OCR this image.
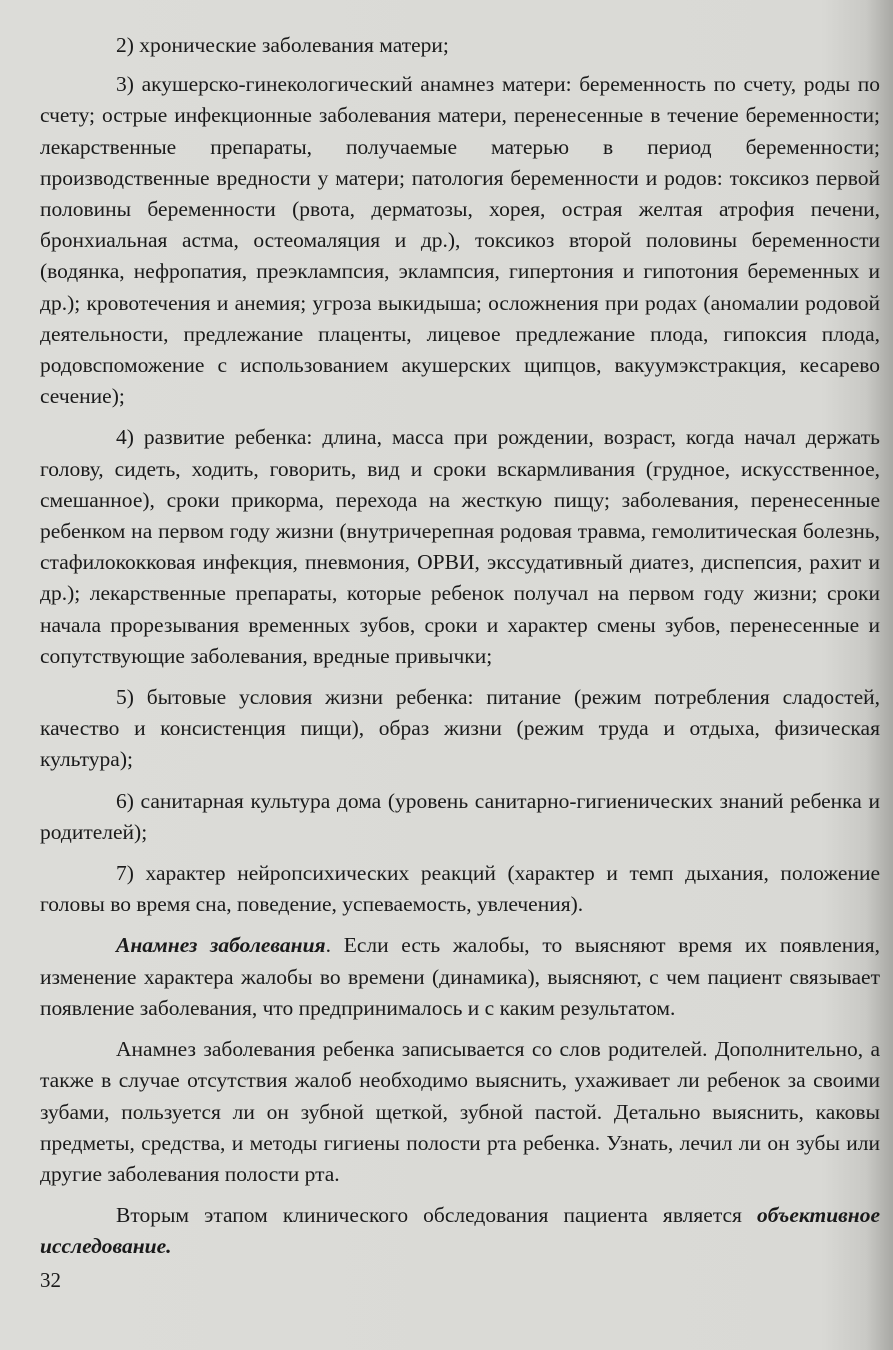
2) хронические заболевания матери;

3) акушерско-гинекологический анамнез матери: беременность по счету, роды по счету; острые инфекционные заболевания матери, перенесенные в течение беременности; лекарственные препараты, получаемые матерью в период беременности; производственные вредности у матери; патология беременности и родов: токсикоз первой половины беременности (рвота, дерматозы, хорея, острая желтая атрофия печени, бронхиальная астма, остеомаляция и др.), токсикоз второй половины беременности (водянка, нефропатия, преэклампсия, эклампсия, гипертония и гипотония беременных и др.); кровотечения и анемия; угроза выкидыша; осложнения при родах (аномалии родовой деятельности, предлежание плаценты, лицевое предлежание плода, гипоксия плода, родовспоможение с использованием акушерских щипцов, вакуумэкстракция, кесарево сечение);

4) развитие ребенка: длина, масса при рождении, возраст, когда начал держать голову, сидеть, ходить, говорить, вид и сроки вскармливания (грудное, искусственное, смешанное), сроки прикорма, перехода на жесткую пищу; заболевания, перенесенные ребенком на первом году жизни (внутричерепная родовая травма, гемолитическая болезнь, стафилококковая инфекция, пневмония, ОРВИ, экссудативный диатез, диспепсия, рахит и др.); лекарственные препараты, которые ребенок получал на первом году жизни; сроки начала прорезывания временных зубов, сроки и характер смены зубов, перенесенные и сопутствующие заболевания, вредные привычки;

5) бытовые условия жизни ребенка: питание (режим потребления сладостей, качество и консистенция пищи), образ жизни (режим труда и отдыха, физическая культура);

6) санитарная культура дома (уровень санитарно-гигиенических знаний ребенка и родителей);

7) характер нейропсихических реакций (характер и темп дыхания, положение головы во время сна, поведение, успеваемость, увлечения).

Анамнез заболевания. Если есть жалобы, то выясняют время их появления, изменение характера жалобы во времени (динамика), выясняют, с чем пациент связывает появление заболевания, что предпринималось и с каким результатом.

Анамнез заболевания ребенка записывается со слов родителей. Дополнительно, а также в случае отсутствия жалоб необходимо выяснить, ухаживает ли ребенок за своими зубами, пользуется ли он зубной щеткой, зубной пастой. Детально выяснить, каковы предметы, средства, и методы гигиены полости рта ребенка. Узнать, лечил ли он зубы или другие заболевания полости рта.

Вторым этапом клинического обследования пациента является объективное исследование.

32
